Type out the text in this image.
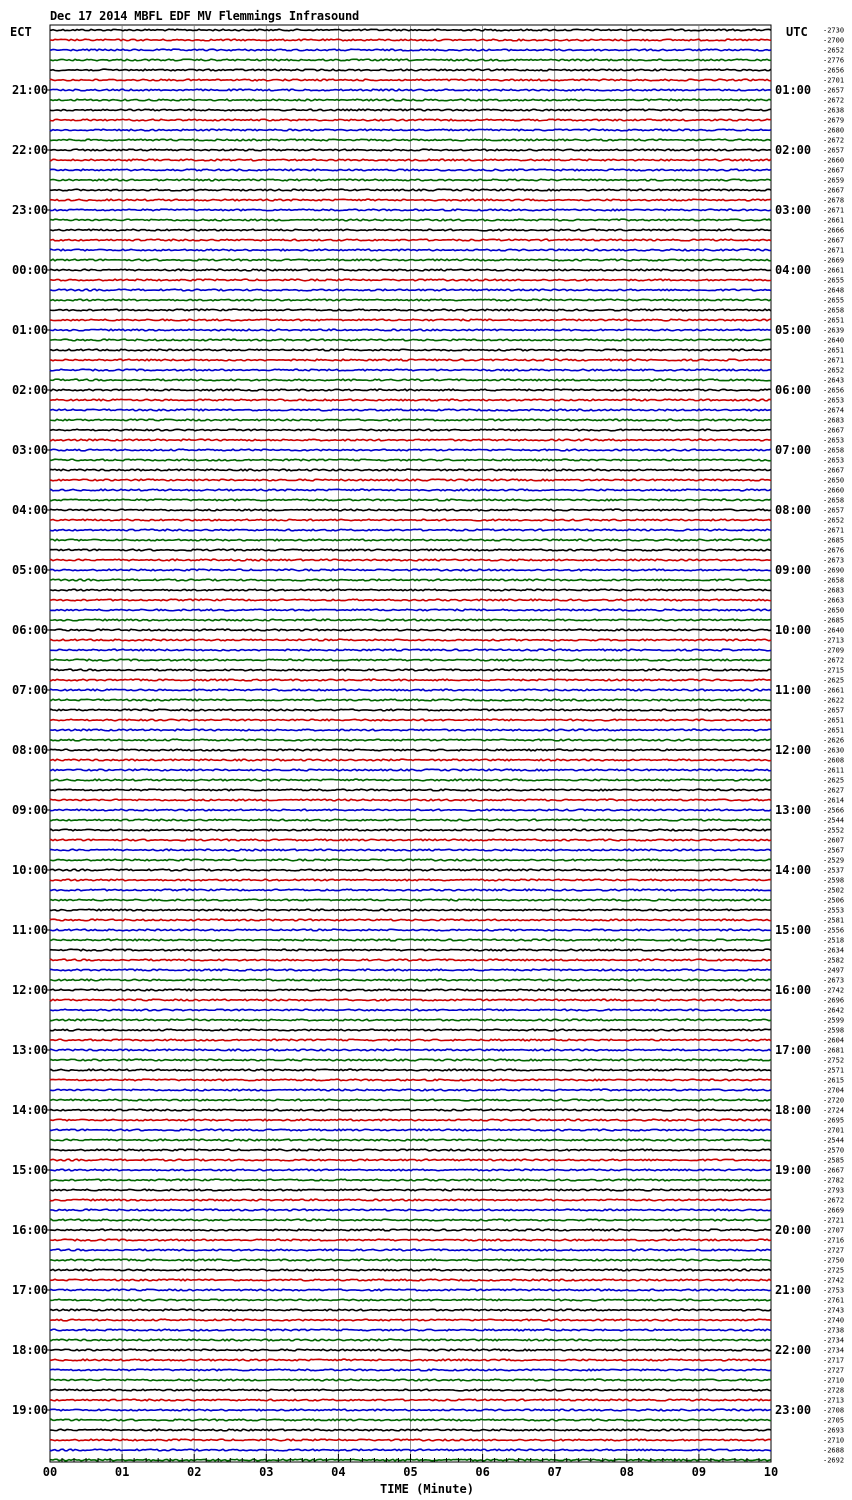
Dec 17 2014 MBFL EDF MV Flemmings Infrasound
ECT	UTC
TIME (Minute)
-2730
-2700
-2652
-2776
-2656
-2701
-2657
-2672
-2638
-2679
-2680
-2672
-2657
-2660
-2667
-2659
-2667
-2678
-2671
-2661
-2666
-2667
-2671
-2669
-2661
-2655
-2648
-2655
-2658
-2651
-2639
-2640
-2651
-2671
-2652
-2643
-2656
-2653
-2674
-2683
-2667
-2653
-2658
-2653
-2667
-2650
-2660
-2658
-2657
-2652
-2671
-2685
-2676
-2673
-2690
-2658
-2683
-2663
-2650
-2685
-2640
-2713
-2709
-2672
-2715
-2625
-2661
-2622
-2657
-2651
-2651
-2626
-2630
-2608
-2611
-2625
-2627
-2614
-2566
-2544
-2552
-2607
-2567
-2529
-2537
-2598
-2502
-2506
-2553
-2581
-2556
-2518
-2634
-2582
-2497
-2673
-2742
-2696
-2642
-2599
-2598
-2604
-2681
-2752
-2571
-2615
-2704
-2720
-2724
-2695
-2701
-2544
-2570
-2585
-2667
-2782
-2793
-2672
-2669
-2721
-2707
-2716
-2727
-2750
-2725
-2742
-2753
-2761
-2743
-2740
-2738
-2734
-2734
-2717
-2727
-2710
-2728
-2713
-2708
-2705
-2693
-2710
-2688
-2692
21:00
22:00
23:00
00:00
01:00
02:00
03:00
04:00
05:00
06:00
07:00
08:00
09:00
10:00
11:00
12:00
13:00
14:00
15:00
16:00
17:00
18:00
19:00
01:00
02:00
03:00
04:00
05:00
06:00
07:00
08:00
09:00
10:00
11:00
12:00
13:00
14:00
15:00
16:00
17:00
18:00
19:00
20:00
21:00
22:00
23:00
00	01	02	03	04	05	06	07	08	09	10
